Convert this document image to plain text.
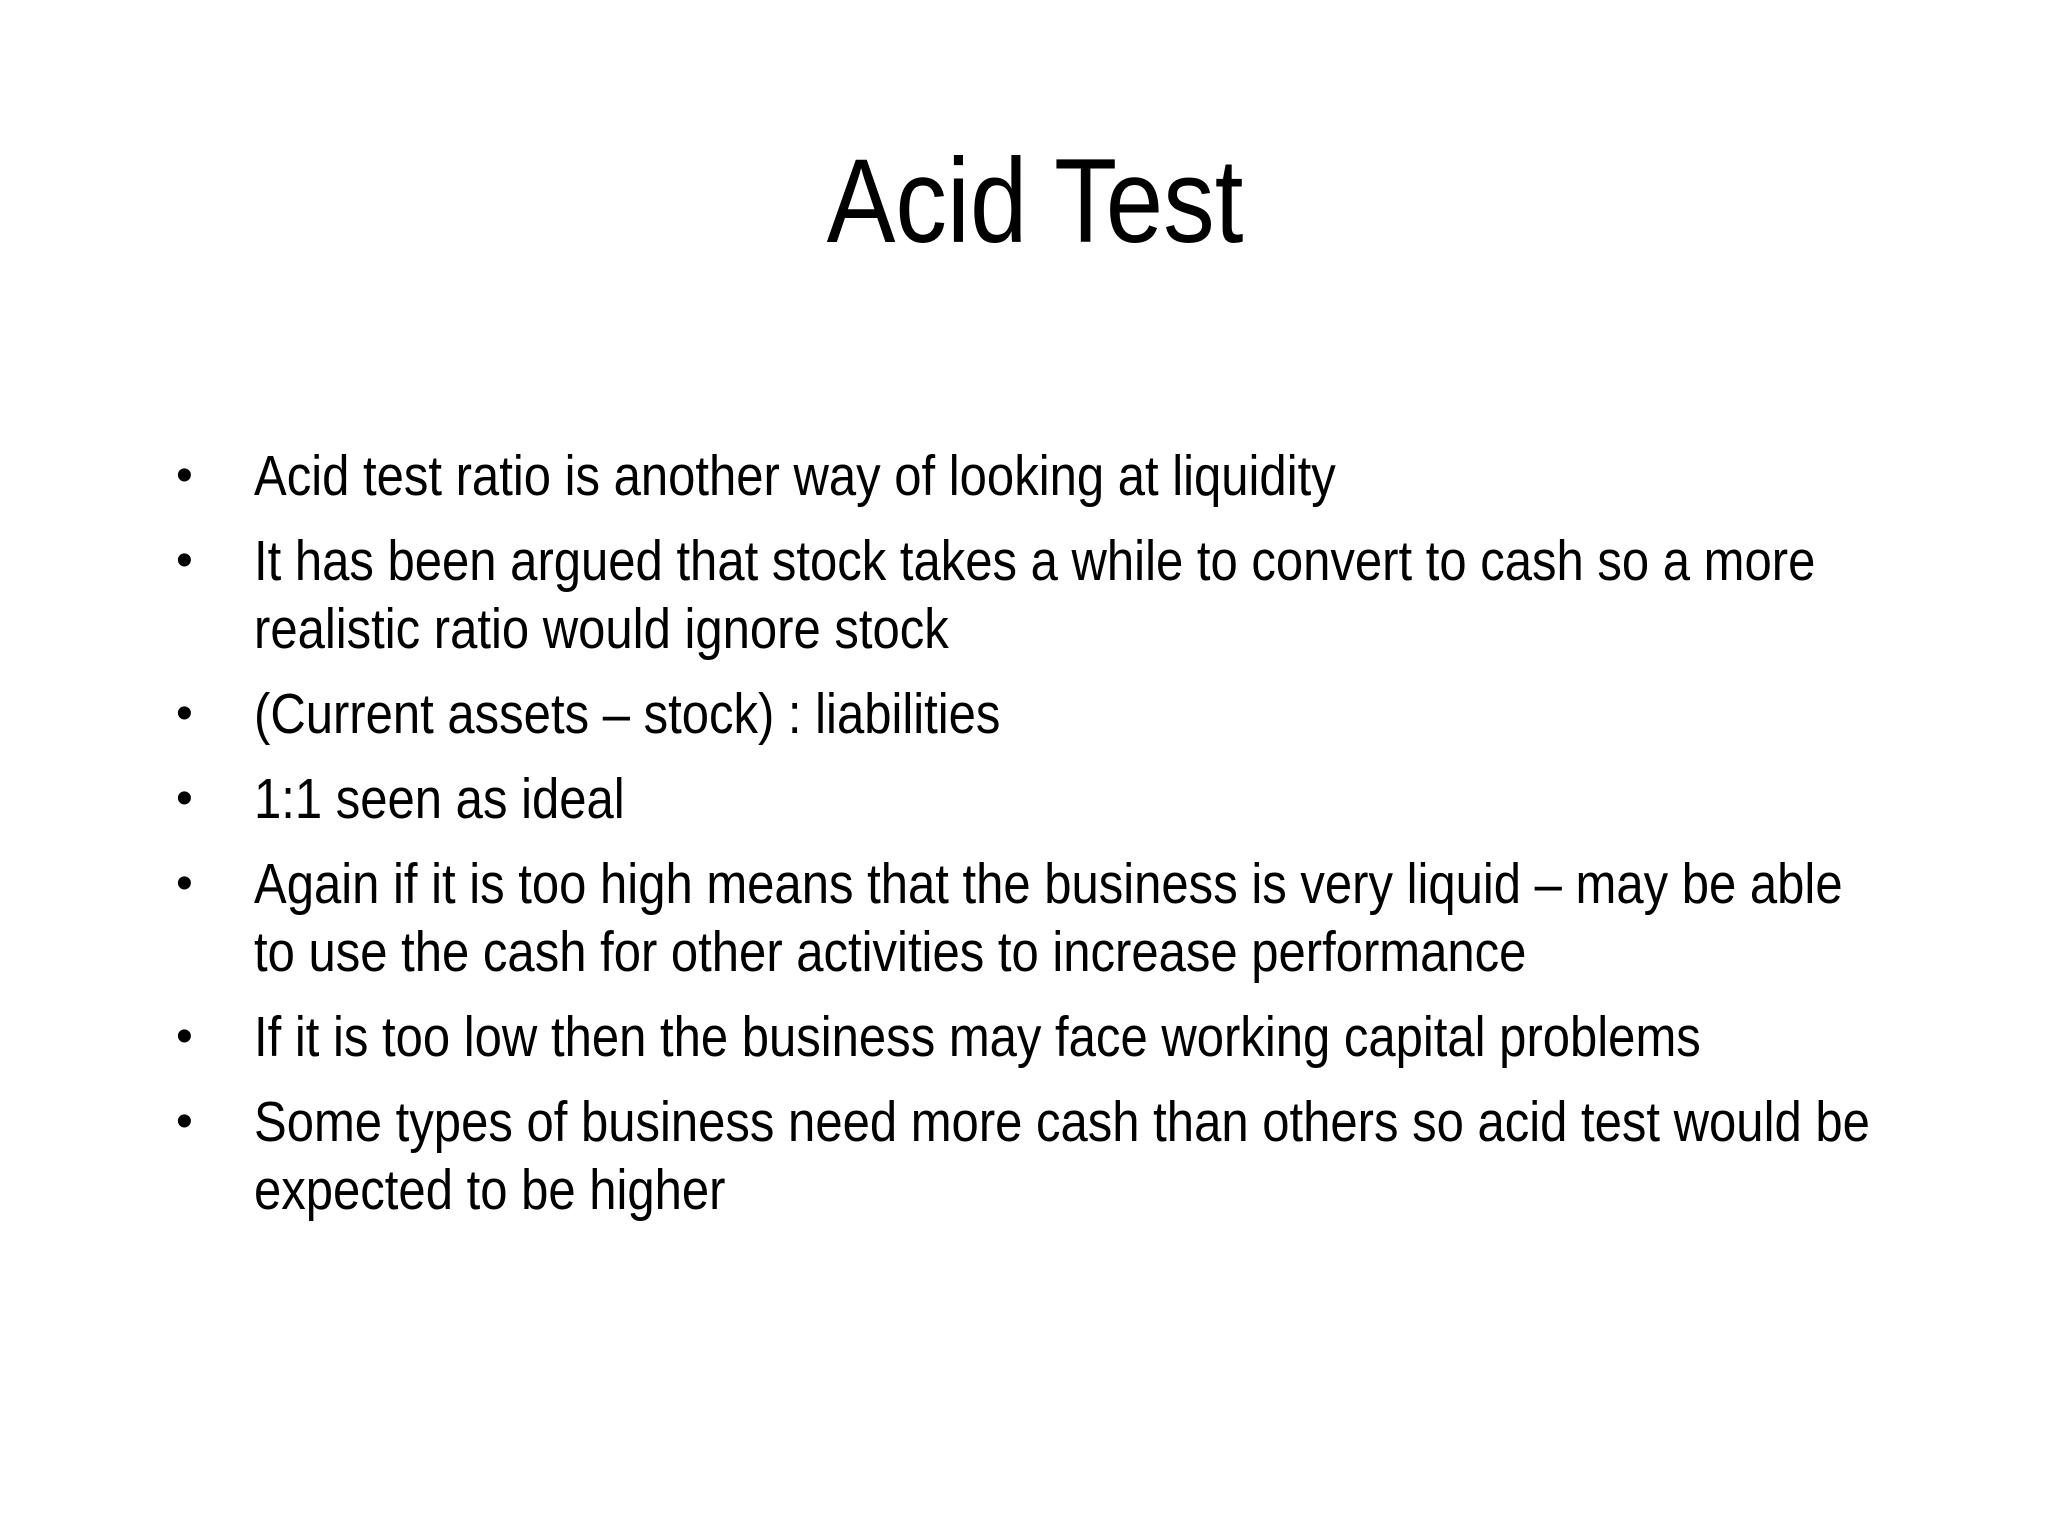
Acid Test
• Acid test ratio is another way of looking at liquidity
• It has been argued that stock takes a while to convert to cash so a more realistic ratio would ignore stock
• (Current assets – stock) : liabilities
• 1:1 seen as ideal
• Again if it is too high means that the business is very liquid – may be able to use the cash for other activities to increase performance
• If it is too low then the business may face working capital problems
• Some types of business need more cash than others so acid test would be expected to be higher
